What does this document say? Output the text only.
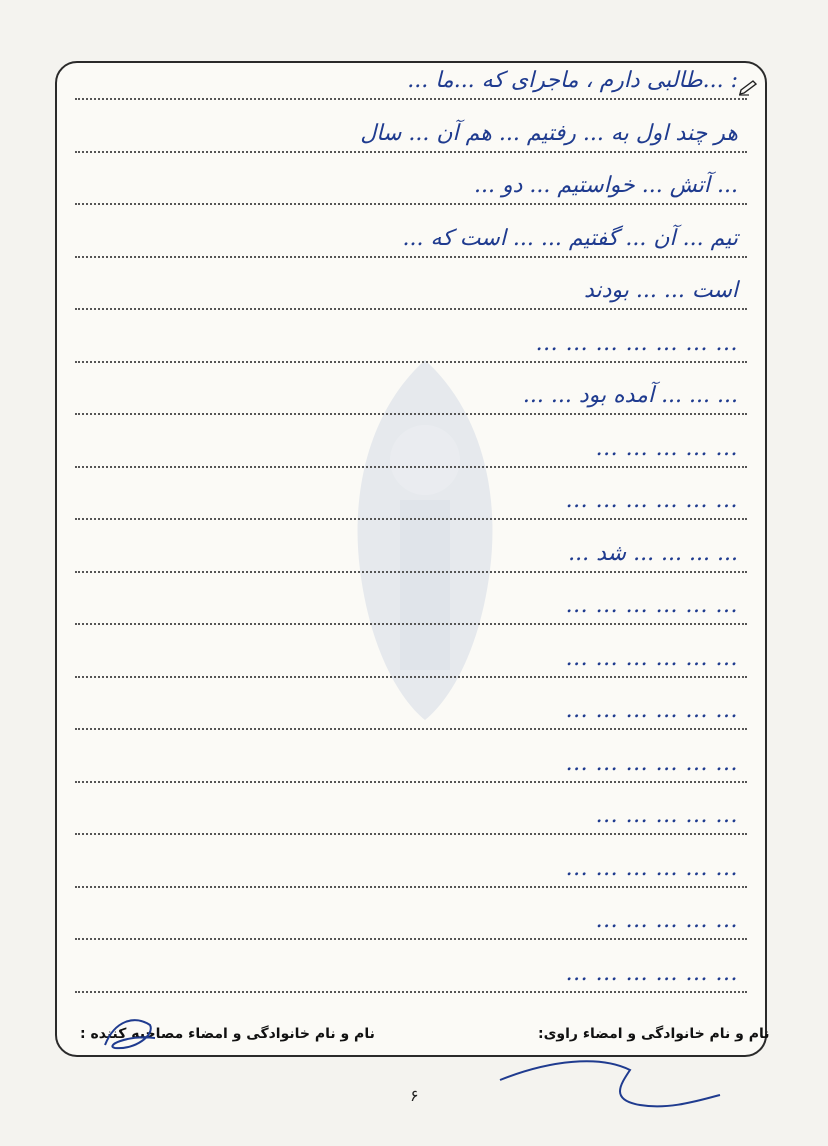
: ...طالبی دارم ، ماجرای که ...ما ...
هر چند اول به ... رفتیم ... هم آن ... سال
... آتش ... خواستیم ... دو ...
تیم ... آن ... گفتیم ... ... است که ...
است ... ... بودند
... ... ... ... ... ... ...
... ... ... آمده بود ... ...
... ... ... ... ...
... ... ... ... ... ...
... ... ... ... شد ...
... ... ... ... ... ...
... ... ... ... ... ...
... ... ... ... ... ...
... ... ... ... ... ...
... ... ... ... ...
... ... ... ... ... ...
... ... ... ... ...
... ... ... ... ... ...
نام و نام خانوادگی و امضاء راوی:
نام و نام خانوادگی و امضاء مصاحبه کننده :
۶
